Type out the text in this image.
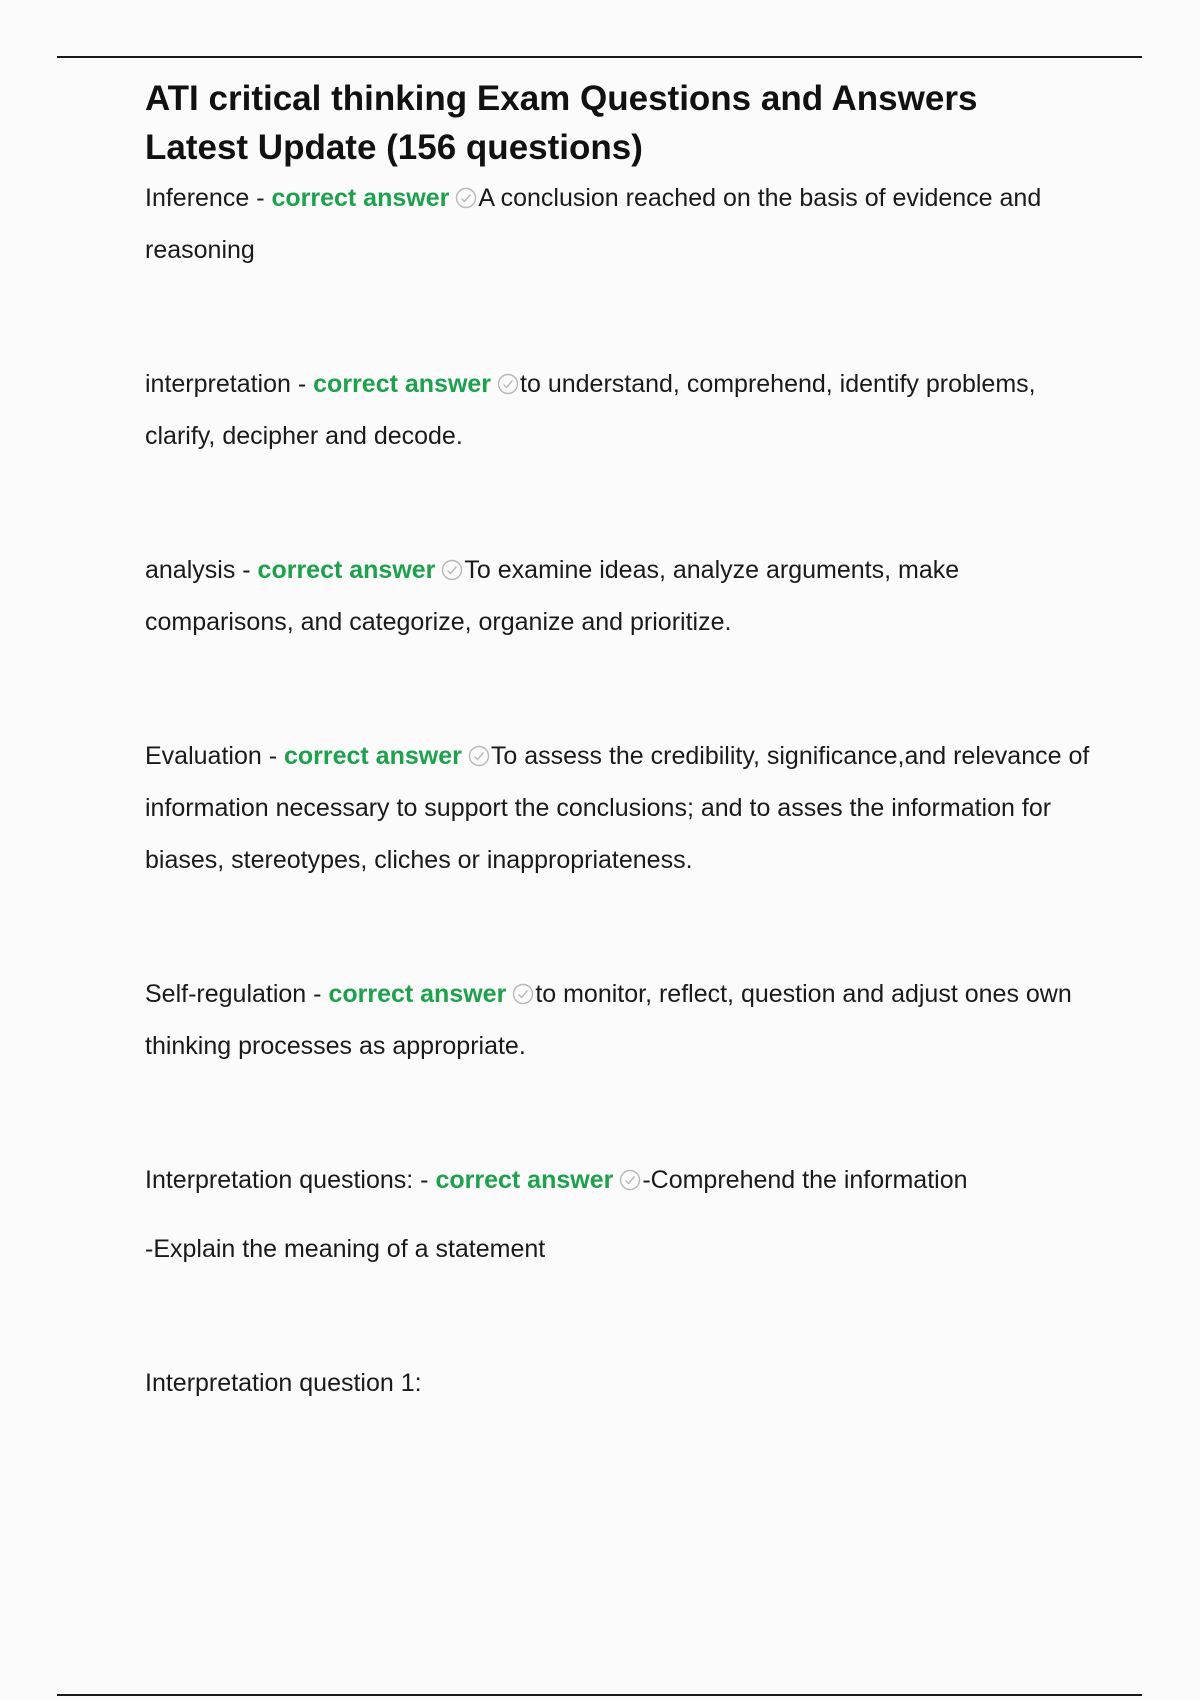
ATI critical thinking Exam Questions and Answers Latest Update (156 questions)

Inference - correct answer A conclusion reached on the basis of evidence and reasoning

interpretation - correct answer to understand, comprehend, identify problems, clarify, decipher and decode.

analysis - correct answer To examine ideas, analyze arguments, make comparisons, and categorize, organize and prioritize.

Evaluation - correct answer To assess the credibility, significance,and relevance of information necessary to support the conclusions; and to asses the information for biases, stereotypes, cliches or inappropriateness.

Self-regulation - correct answer to monitor, reflect, question and adjust ones own thinking processes as appropriate.

Interpretation questions: - correct answer -Comprehend the information

-Explain the meaning of a statement

Interpretation question 1:
